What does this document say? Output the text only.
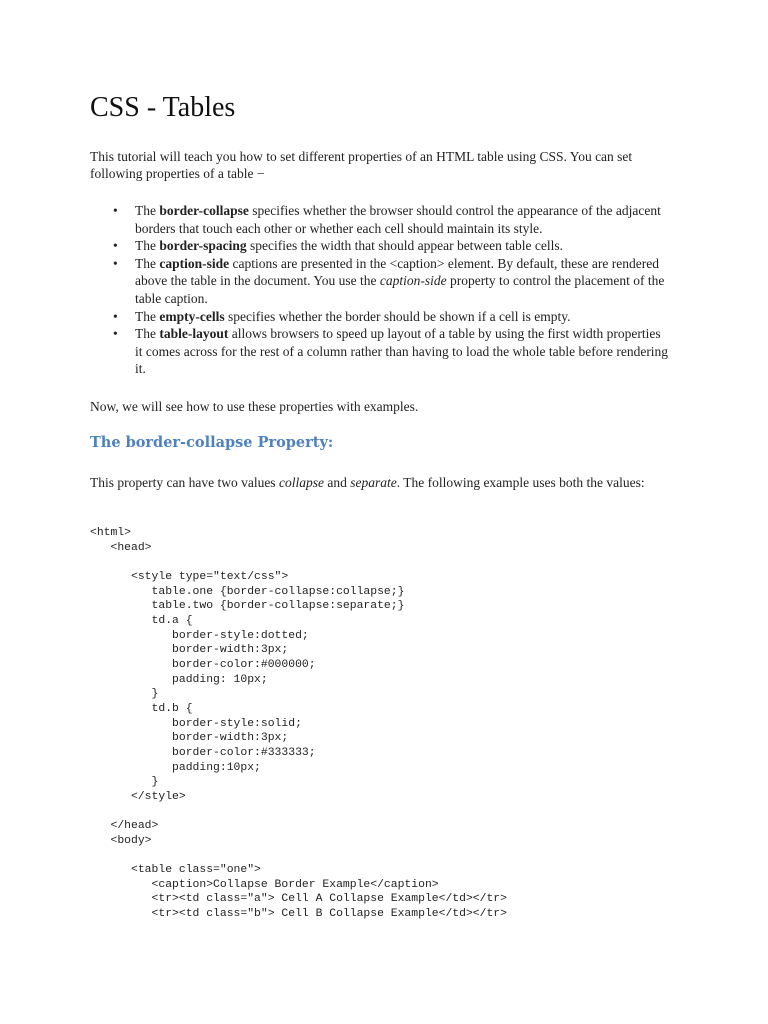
CSS - Tables

This tutorial will teach you how to set different properties of an HTML table using CSS. You can set following properties of a table −

• The border-collapse specifies whether the browser should control the appearance of the adjacent borders that touch each other or whether each cell should maintain its style.
• The border-spacing specifies the width that should appear between table cells.
• The caption-side captions are presented in the <caption> element. By default, these are rendered above the table in the document. You use the caption-side property to control the placement of the table caption.
• The empty-cells specifies whether the border should be shown if a cell is empty.
• The table-layout allows browsers to speed up layout of a table by using the first width properties it comes across for the rest of a column rather than having to load the whole table before rendering it.

Now, we will see how to use these properties with examples.

The border-collapse Property:

This property can have two values collapse and separate. The following example uses both the values:

<html>
<head>

<style type="text/css">
table.one {border-collapse:collapse;}
table.two {border-collapse:separate;}
td.a {
border-style:dotted;
border-width:3px;
border-color:#000000;
padding: 10px;
}
td.b {
border-style:solid;
border-width:3px;
border-color:#333333;
padding:10px;
}
</style>

</head>
<body>

<table class="one">
<caption>Collapse Border Example</caption>
<tr><td class="a"> Cell A Collapse Example</td></tr>
<tr><td class="b"> Cell B Collapse Example</td></tr>
